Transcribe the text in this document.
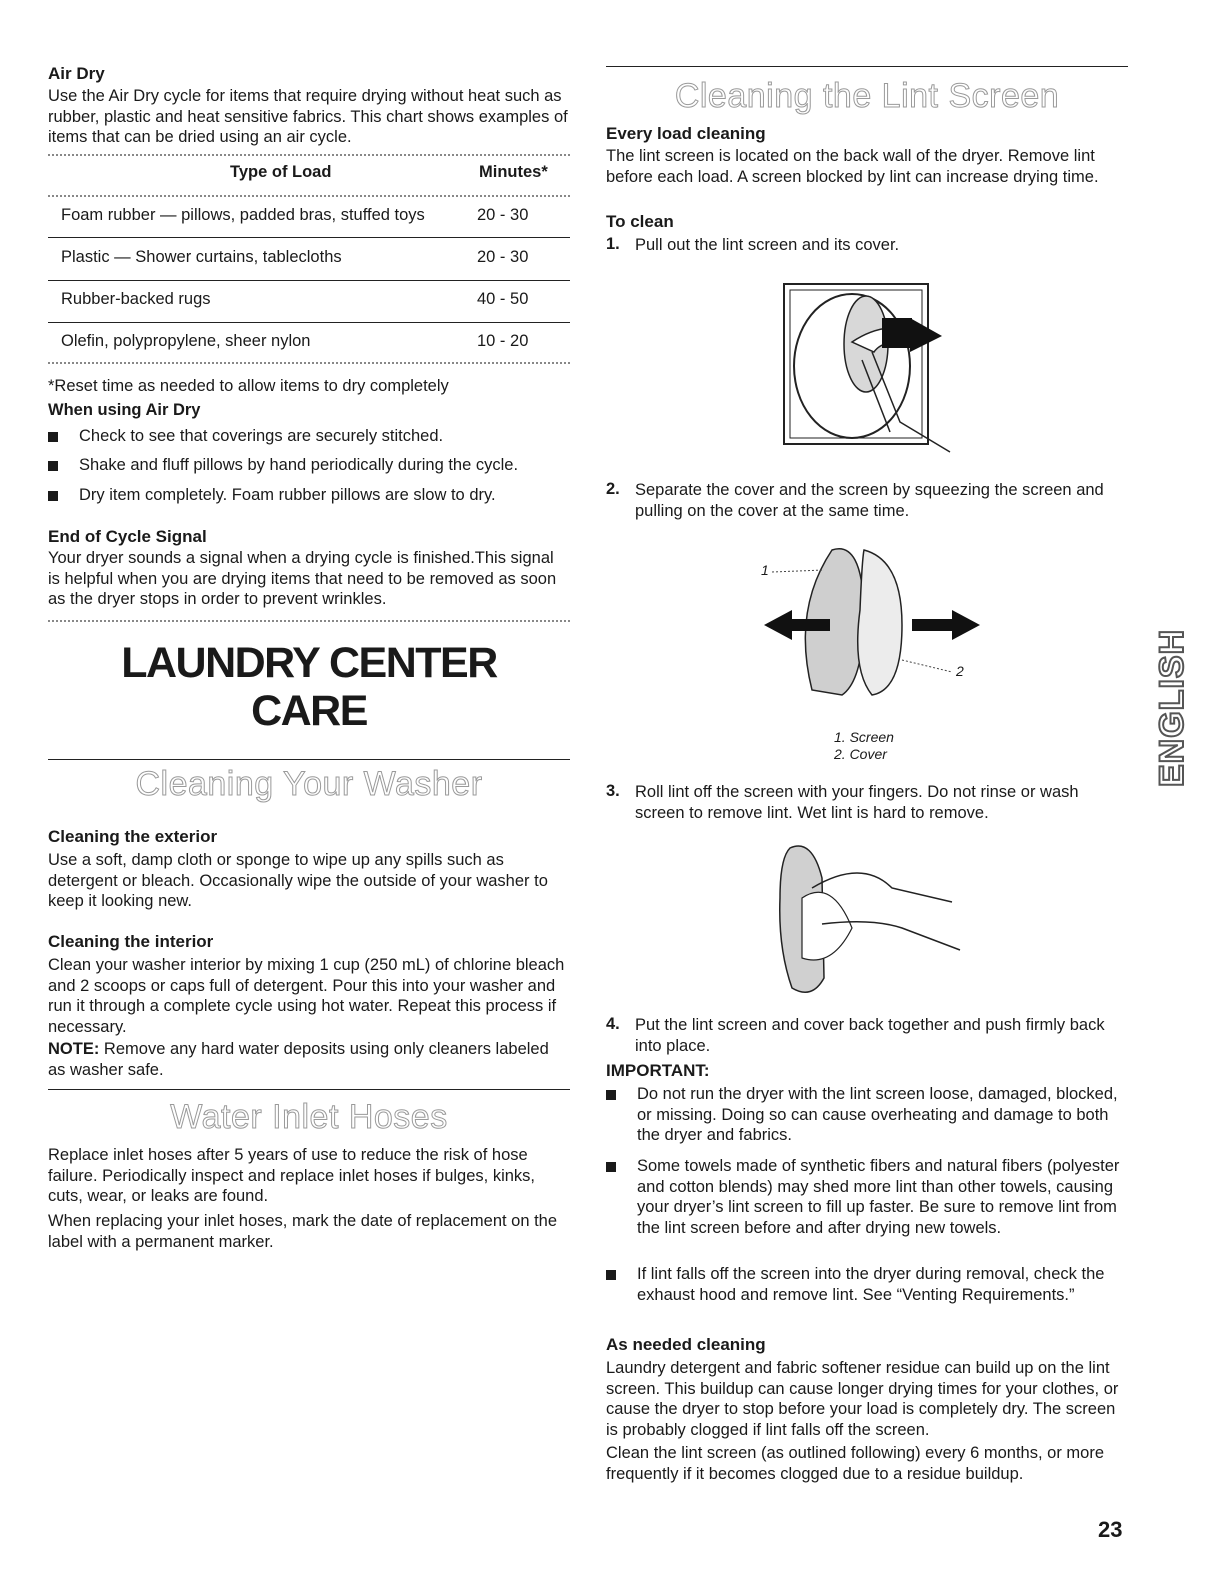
Air Dry

Use the Air Dry cycle for items that require drying without heat such as rubber, plastic and heat sensitive fabrics. This chart shows examples of items that can be dried using an air cycle.

Type of Load	Minutes*
Foam rubber — pillows, padded bras, stuffed toys	20 - 30
Plastic — Shower curtains, tablecloths	20 - 30
Rubber-backed rugs	40 - 50
Olefin, polypropylene, sheer nylon	10 - 20

*Reset time as needed to allow items to dry completely

When using Air Dry
Check to see that coverings are securely stitched.
Shake and fluff pillows by hand periodically during the cycle.
Dry item completely. Foam rubber pillows are slow to dry.
End of Cycle Signal

Your dryer sounds a signal when a drying cycle is finished.This signal is helpful when you are drying items that need to be removed as soon as the dryer stops in order to prevent wrinkles.

LAUNDRY CENTER
CARE
Cleaning Your Washer
Cleaning the exterior

Use a soft, damp cloth or sponge to wipe up any spills such as detergent or bleach. Occasionally wipe the outside of your washer to keep it looking new.

Cleaning the interior

Clean your washer interior by mixing 1 cup (250 mL) of chlorine bleach and 2 scoops or caps full of detergent. Pour this into your washer and run it through a complete cycle using hot water. Repeat this process if necessary.

NOTE: Remove any hard water deposits using only cleaners labeled as washer safe.

Water Inlet Hoses

Replace inlet hoses after 5 years of use to reduce the risk of hose failure. Periodically inspect and replace inlet hoses if bulges, kinks, cuts, wear, or leaks are found.

When replacing your inlet hoses, mark the date of replacement on the label with a permanent marker.

Cleaning the Lint Screen
Every load cleaning

The lint screen is located on the back wall of the dryer. Remove lint before each load. A screen blocked by lint can increase drying time.

To clean
1. Pull out the lint screen and its cover.
2. Separate the cover and the screen by squeezing the screen and pulling on the cover at the same time.
1
2
1. Screen
2. Cover
3. Roll lint off the screen with your fingers. Do not rinse or wash screen to remove lint. Wet lint is hard to remove.
4. Put the lint screen and cover back together and push firmly back into place.
IMPORTANT:
Do not run the dryer with the lint screen loose, damaged, blocked, or missing. Doing so can cause overheating and damage to both the dryer and fabrics.
Some towels made of synthetic fibers and natural fibers (polyester and cotton blends) may shed more lint than other towels, causing your dryer’s lint screen to fill up faster. Be sure to remove lint from the lint screen before and after drying new towels.
If lint falls off the screen into the dryer during removal, check the exhaust hood and remove lint. See “Venting Requirements.”
As needed cleaning

Laundry detergent and fabric softener residue can build up on the lint screen. This buildup can cause longer drying times for your clothes, or cause the dryer to stop before your load is completely dry. The screen is probably clogged if lint falls off the screen.

Clean the lint screen (as outlined following) every 6 months, or more frequently if it becomes clogged due to a residue buildup.

ENGLISH
23
